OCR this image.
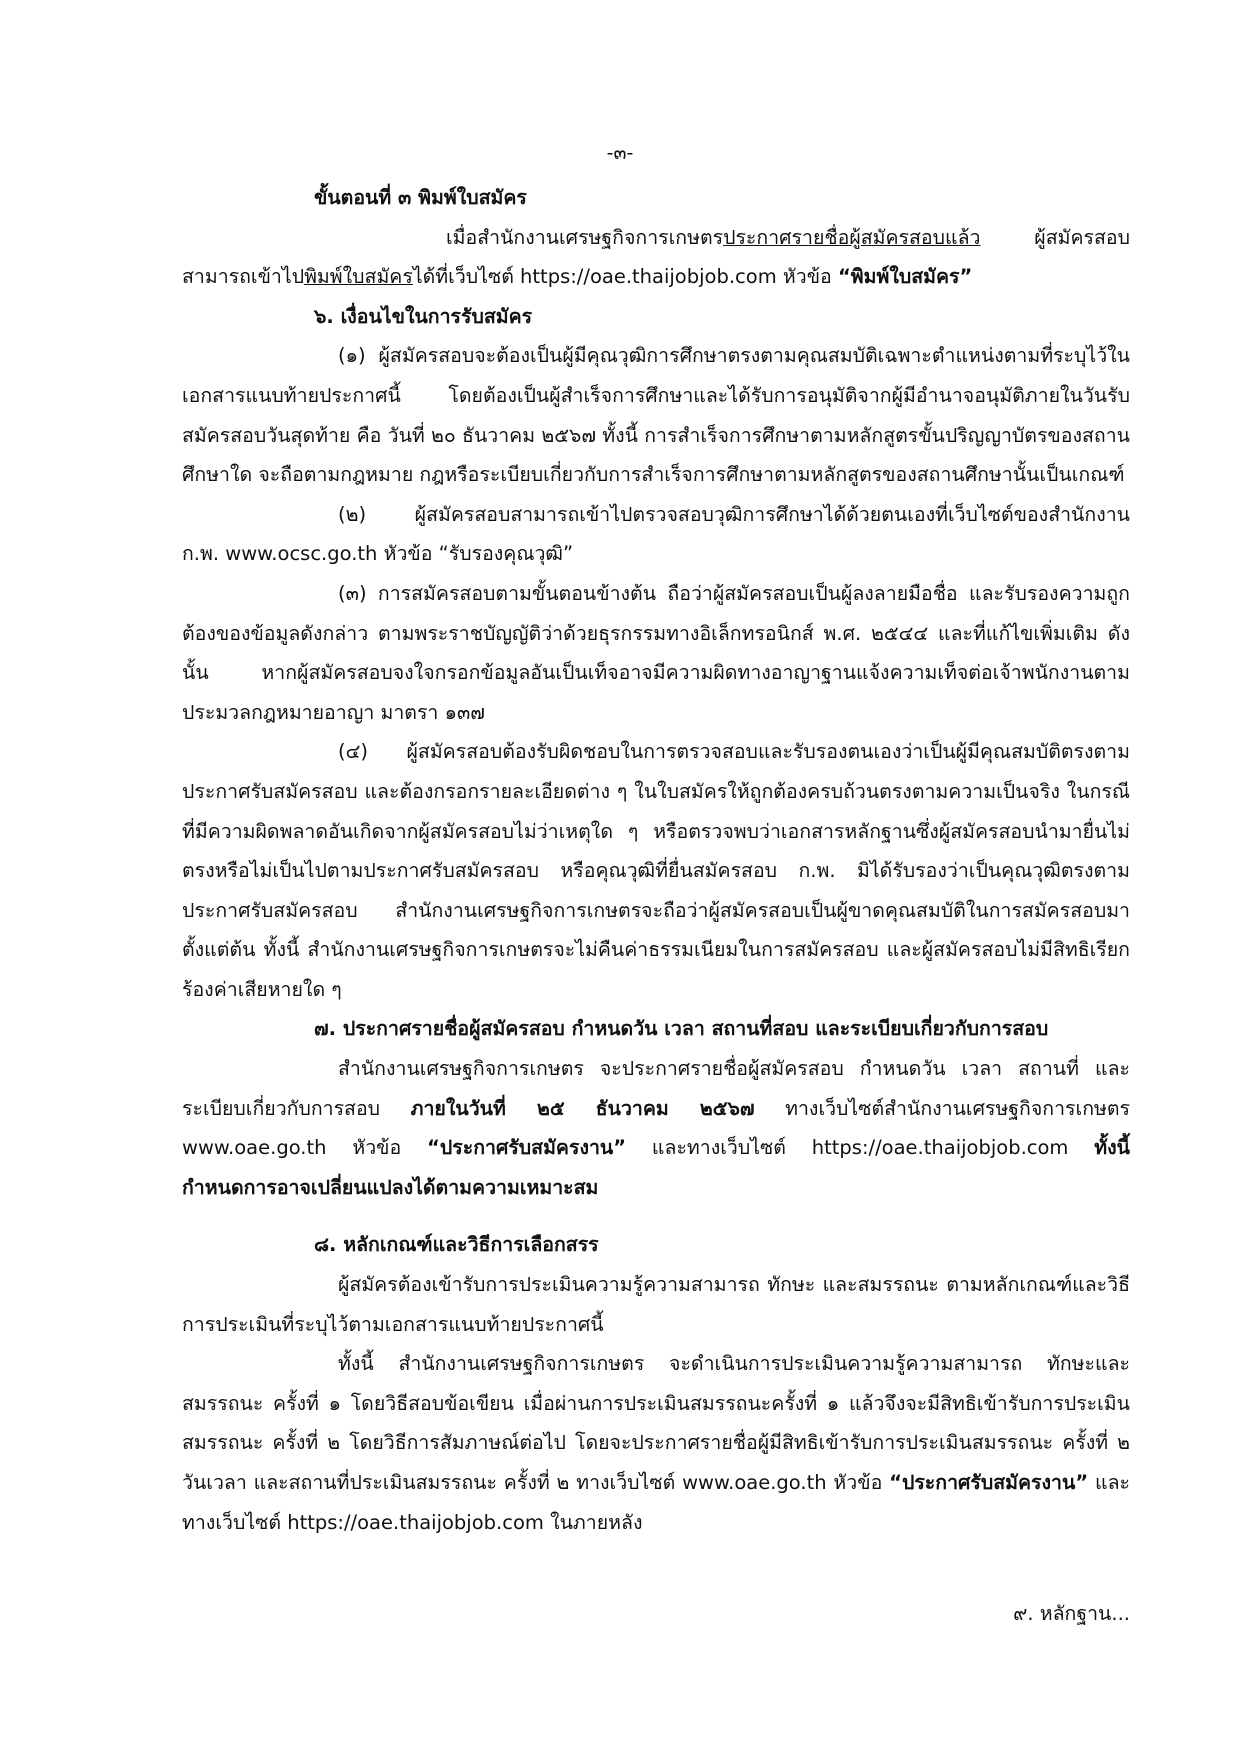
-๓-

ขั้นตอนที่ ๓ พิมพ์ใบสมัคร

เมื่อสำนักงานเศรษฐกิจการเกษตรประกาศรายชื่อผู้สมัครสอบแล้ว ผู้สมัครสอบสามารถเข้าไปพิมพ์ใบสมัครได้ที่เว็บไซต์ https://oae.thaijobjob.com หัวข้อ “พิมพ์ใบสมัคร”

๖. เงื่อนไขในการรับสมัคร

(๑) ผู้สมัครสอบจะต้องเป็นผู้มีคุณวุฒิการศึกษาตรงตามคุณสมบัติเฉพาะตำแหน่งตามที่ระบุไว้ในเอกสารแนบท้ายประกาศนี้ โดยต้องเป็นผู้สำเร็จการศึกษาและได้รับการอนุมัติจากผู้มีอำนาจอนุมัติภายในวันรับสมัครสอบวันสุดท้าย คือ วันที่ ๒๐ ธันวาคม ๒๕๖๗ ทั้งนี้ การสำเร็จการศึกษาตามหลักสูตรขั้นปริญญาบัตรของสถานศึกษาใด จะถือตามกฎหมาย กฎหรือระเบียบเกี่ยวกับการสำเร็จการศึกษาตามหลักสูตรของสถานศึกษานั้นเป็นเกณฑ์

(๒) ผู้สมัครสอบสามารถเข้าไปตรวจสอบวุฒิการศึกษาได้ด้วยตนเองที่เว็บไซต์ของสำนักงาน ก.พ. www.ocsc.go.th หัวข้อ “รับรองคุณวุฒิ”

(๓) การสมัครสอบตามขั้นตอนข้างต้น ถือว่าผู้สมัครสอบเป็นผู้ลงลายมือชื่อ และรับรองความถูกต้องของข้อมูลดังกล่าว ตามพระราชบัญญัติว่าด้วยธุรกรรมทางอิเล็กทรอนิกส์ พ.ศ. ๒๕๔๔ และที่แก้ไขเพิ่มเติม ดังนั้น หากผู้สมัครสอบจงใจกรอกข้อมูลอันเป็นเท็จอาจมีความผิดทางอาญาฐานแจ้งความเท็จต่อเจ้าพนักงานตามประมวลกฎหมายอาญา มาตรา ๑๓๗

(๔) ผู้สมัครสอบต้องรับผิดชอบในการตรวจสอบและรับรองตนเองว่าเป็นผู้มีคุณสมบัติตรงตามประกาศรับสมัครสอบ และต้องกรอกรายละเอียดต่าง ๆ ในใบสมัครให้ถูกต้องครบถ้วนตรงตามความเป็นจริง ในกรณีที่มีความผิดพลาดอันเกิดจากผู้สมัครสอบไม่ว่าเหตุใด ๆ หรือตรวจพบว่าเอกสารหลักฐานซึ่งผู้สมัครสอบนำมายื่นไม่ตรงหรือไม่เป็นไปตามประกาศรับสมัครสอบ หรือคุณวุฒิที่ยื่นสมัครสอบ ก.พ. มิได้รับรองว่าเป็นคุณวุฒิตรงตามประกาศรับสมัครสอบ สำนักงานเศรษฐกิจการเกษตรจะถือว่าผู้สมัครสอบเป็นผู้ขาดคุณสมบัติในการสมัครสอบมาตั้งแต่ต้น ทั้งนี้ สำนักงานเศรษฐกิจการเกษตรจะไม่คืนค่าธรรมเนียมในการสมัครสอบ และผู้สมัครสอบไม่มีสิทธิเรียกร้องค่าเสียหายใด ๆ

๗. ประกาศรายชื่อผู้สมัครสอบ กำหนดวัน เวลา สถานที่สอบ และระเบียบเกี่ยวกับการสอบ

สำนักงานเศรษฐกิจการเกษตร จะประกาศรายชื่อผู้สมัครสอบ กำหนดวัน เวลา สถานที่ และระเบียบเกี่ยวกับการสอบ ภายในวันที่ ๒๕ ธันวาคม ๒๕๖๗ ทางเว็บไซต์สำนักงานเศรษฐกิจการเกษตร www.oae.go.th หัวข้อ “ประกาศรับสมัครงาน” และทางเว็บไซต์ https://oae.thaijobjob.com ทั้งนี้ กำหนดการอาจเปลี่ยนแปลงได้ตามความเหมาะสม

๘. หลักเกณฑ์และวิธีการเลือกสรร

ผู้สมัครต้องเข้ารับการประเมินความรู้ความสามารถ ทักษะ และสมรรถนะ ตามหลักเกณฑ์และวิธีการประเมินที่ระบุไว้ตามเอกสารแนบท้ายประกาศนี้

ทั้งนี้ สำนักงานเศรษฐกิจการเกษตร จะดำเนินการประเมินความรู้ความสามารถ ทักษะและสมรรถนะ ครั้งที่ ๑ โดยวิธีสอบข้อเขียน เมื่อผ่านการประเมินสมรรถนะครั้งที่ ๑ แล้วจึงจะมีสิทธิเข้ารับการประเมินสมรรถนะ ครั้งที่ ๒ โดยวิธีการสัมภาษณ์ต่อไป โดยจะประกาศรายชื่อผู้มีสิทธิเข้ารับการประเมินสมรรถนะ ครั้งที่ ๒ วันเวลา และสถานที่ประเมินสมรรถนะ ครั้งที่ ๒ ทางเว็บไซต์ www.oae.go.th หัวข้อ “ประกาศรับสมัครงาน” และทางเว็บไซต์ https://oae.thaijobjob.com ในภายหลัง

๙. หลักฐาน...
